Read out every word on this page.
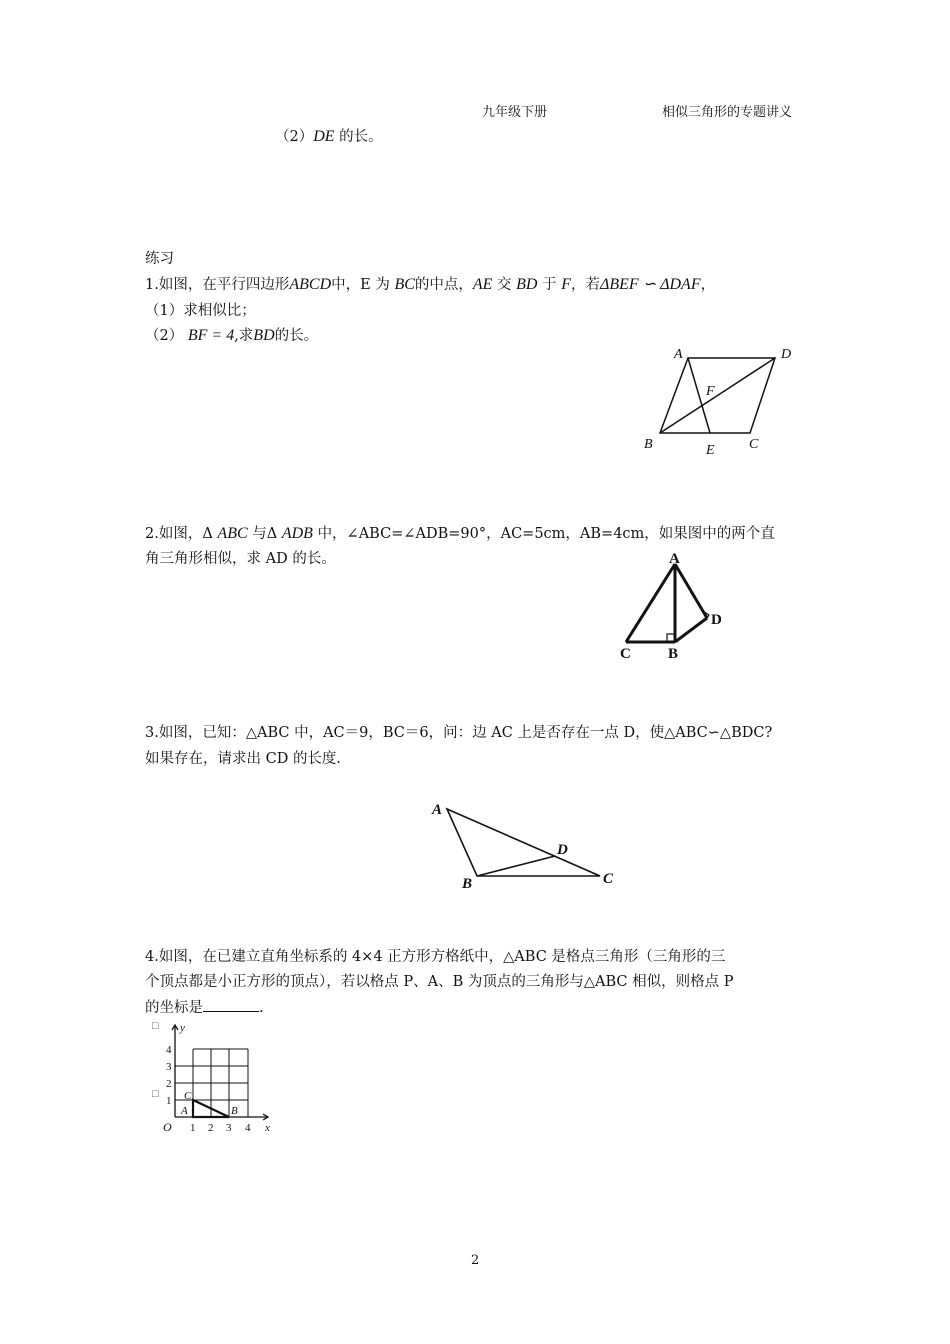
九年级下册	相似三角形的专题讲义
（2）DE 的长。
练习
1.如图，在平行四边形ABCD中，E 为 BC的中点，AE 交 BD 于 F，若ΔBEF ∽ ΔDAF，
（1）求相似比；
（2） BF = 4,求BD的长。
A	D
F
B	E C
2.如图，Δ ABC 与Δ ADB 中，∠ABC=∠ADB=90°，AC=5cm，AB=4cm，如果图中的两个直
角三角形相似，求 AD 的长。	A
D
C B
3.如图，已知：△ABC 中，AC＝9，BC＝6，问：边 AC 上是否存在一点 D，使△ABC∽△BDC?
如果存在，请求出 CD 的长度．
A
D
B	C
4.如图，在已建立直角坐标系的 4×4 正方形方格纸中，△ABC 是格点三角形（三角形的三
个顶点都是小正方形的顶点），若以格点 P、A、B 为顶点的三角形与△ABC 相似，则格点 P
的坐标是	.
□
□
y
x
O
C
A	B
1
2
3
4
1 2 3 4
2
